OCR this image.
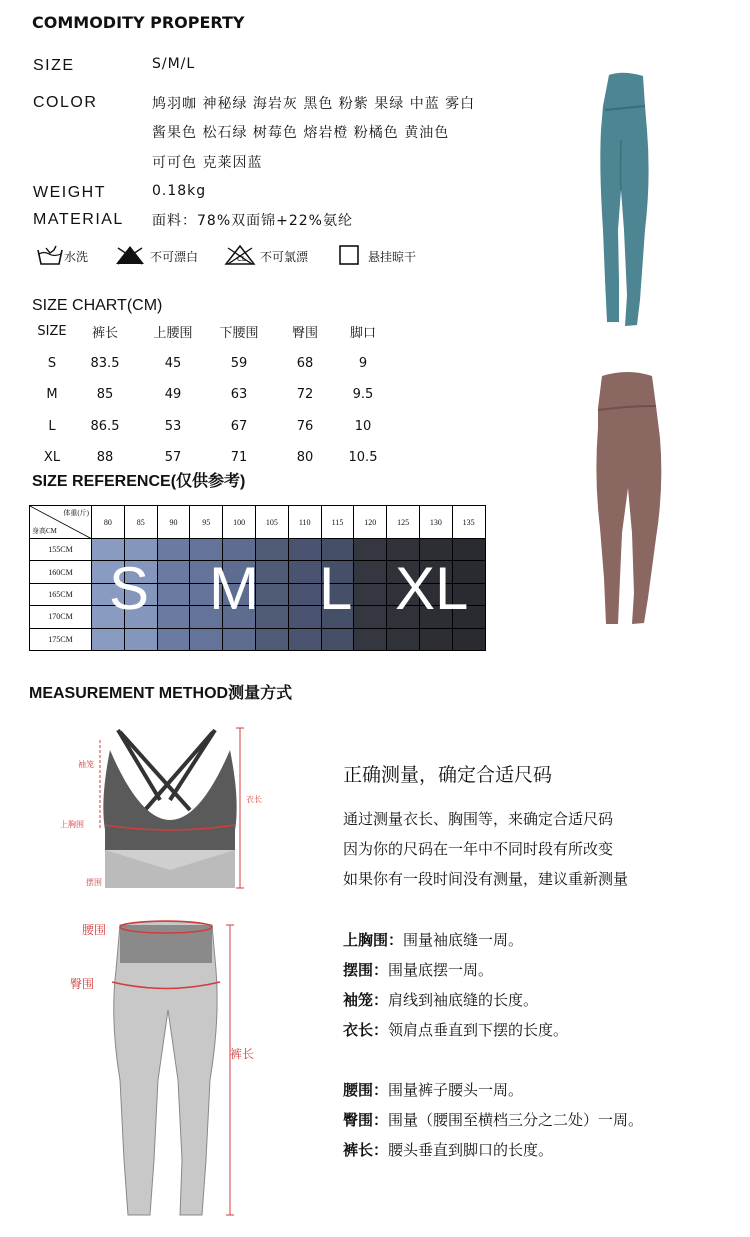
COMMODITY PROPERTY
SIZE	S/M/L
COLOR	鸠羽咖 神秘绿 海岩灰 黑色 粉紫 果绿 中蓝 雾白
酱果色 松石绿 树莓色 熔岩橙 粉橘色 黄油色
可可色 克莱因蓝
WEIGHT	0.18kg
MATERIAL 面料：78%双面锦+22%氨纶
水洗	不可漂白	CL 不可氯漂	悬挂晾干
SIZE CHART(CM)
SIZE	裤长	上腰围	下腰围	臀围	脚口
S	83.5	45	59	68	9
M	85	49	63	72	9.5
L	86.5	53	67	76	10
XL	88	57	71	80	10.5
SIZE REFERENCE(仅供参考)
体重(斤)
身高CM	80	85	90	95	100	105	110	115	120	125	130	135
155CM												
160CM												
165CM												
170CM												
175CM												
S M L XL
MEASUREMENT METHOD测量方式
袖笼
衣长
上胸围
摆围
腰围
臀围
裤长
正确测量，确定合适尺码
通过测量衣长、胸围等，来确定合适尺码
因为你的尺码在一年中不同时段有所改变
如果你有一段时间没有测量，建议重新测量
上胸围：围量袖底缝一周。
摆围：围量底摆一周。
袖笼：肩线到袖底缝的长度。
衣长：领肩点垂直到下摆的长度。
腰围：围量裤子腰头一周。
臀围：围量（腰围至横档三分之二处）一周。
裤长：腰头垂直到脚口的长度。
